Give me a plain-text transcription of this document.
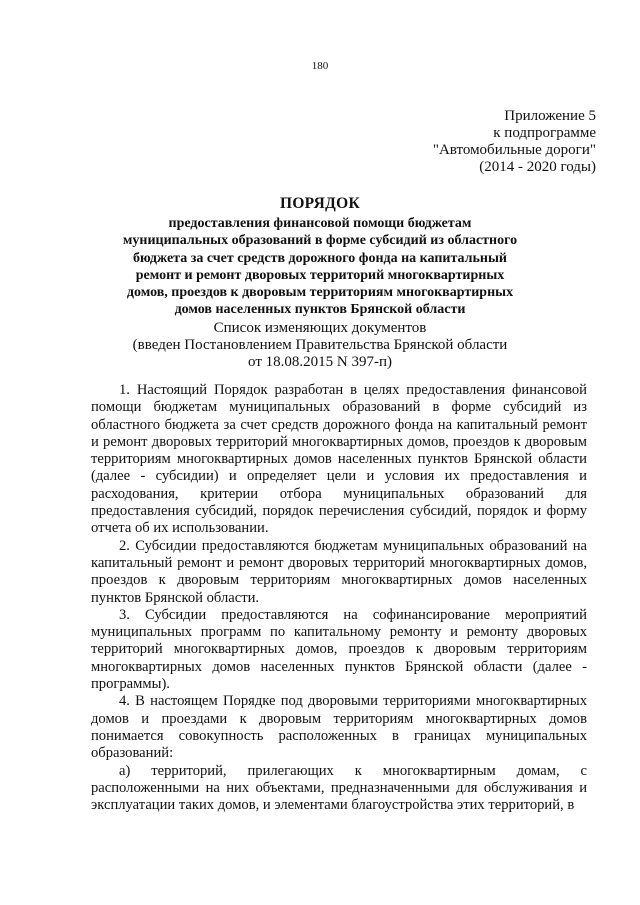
180
Приложение 5
к подпрограмме
"Автомобильные дороги"
(2014 - 2020 годы)
ПОРЯДОК
предоставления финансовой помощи бюджетам
муниципальных образований в форме субсидий из областного
бюджета за счет средств дорожного фонда на капитальный
ремонт и ремонт дворовых территорий многоквартирных
домов, проездов к дворовым территориям многоквартирных
домов населенных пунктов Брянской области
Список изменяющих документов
(введен Постановлением Правительства Брянской области
от 18.08.2015 N 397-п)

1. Настоящий Порядок разработан в целях предоставления финансовой помощи бюджетам муниципальных образований в форме субсидий из областного бюджета за счет средств дорожного фонда на капитальный ремонт и ремонт дворовых территорий многоквартирных домов, проездов к дворовым территориям многоквартирных домов населенных пунктов Брянской области (далее - субсидии) и определяет цели и условия их предоставления и расходования, критерии отбора муниципальных образований для предоставления субсидий, порядок перечисления субсидий, порядок и форму отчета об их использовании.

2. Субсидии предоставляются бюджетам муниципальных образований на капитальный ремонт и ремонт дворовых территорий многоквартирных домов, проездов к дворовым территориям многоквартирных домов населенных пунктов Брянской области.

3. Субсидии предоставляются на софинансирование мероприятий муниципальных программ по капитальному ремонту и ремонту дворовых территорий многоквартирных домов, проездов к дворовым территориям многоквартирных домов населенных пунктов Брянской области (далее - программы).

4. В настоящем Порядке под дворовыми территориями многоквартирных домов и проездами к дворовым территориям многоквартирных домов понимается совокупность расположенных в границах муниципальных образований:

а) территорий, прилегающих к многоквартирным домам, с расположенными на них объектами, предназначенными для обслуживания и эксплуатации таких домов, и элементами благоустройства этих территорий, в
